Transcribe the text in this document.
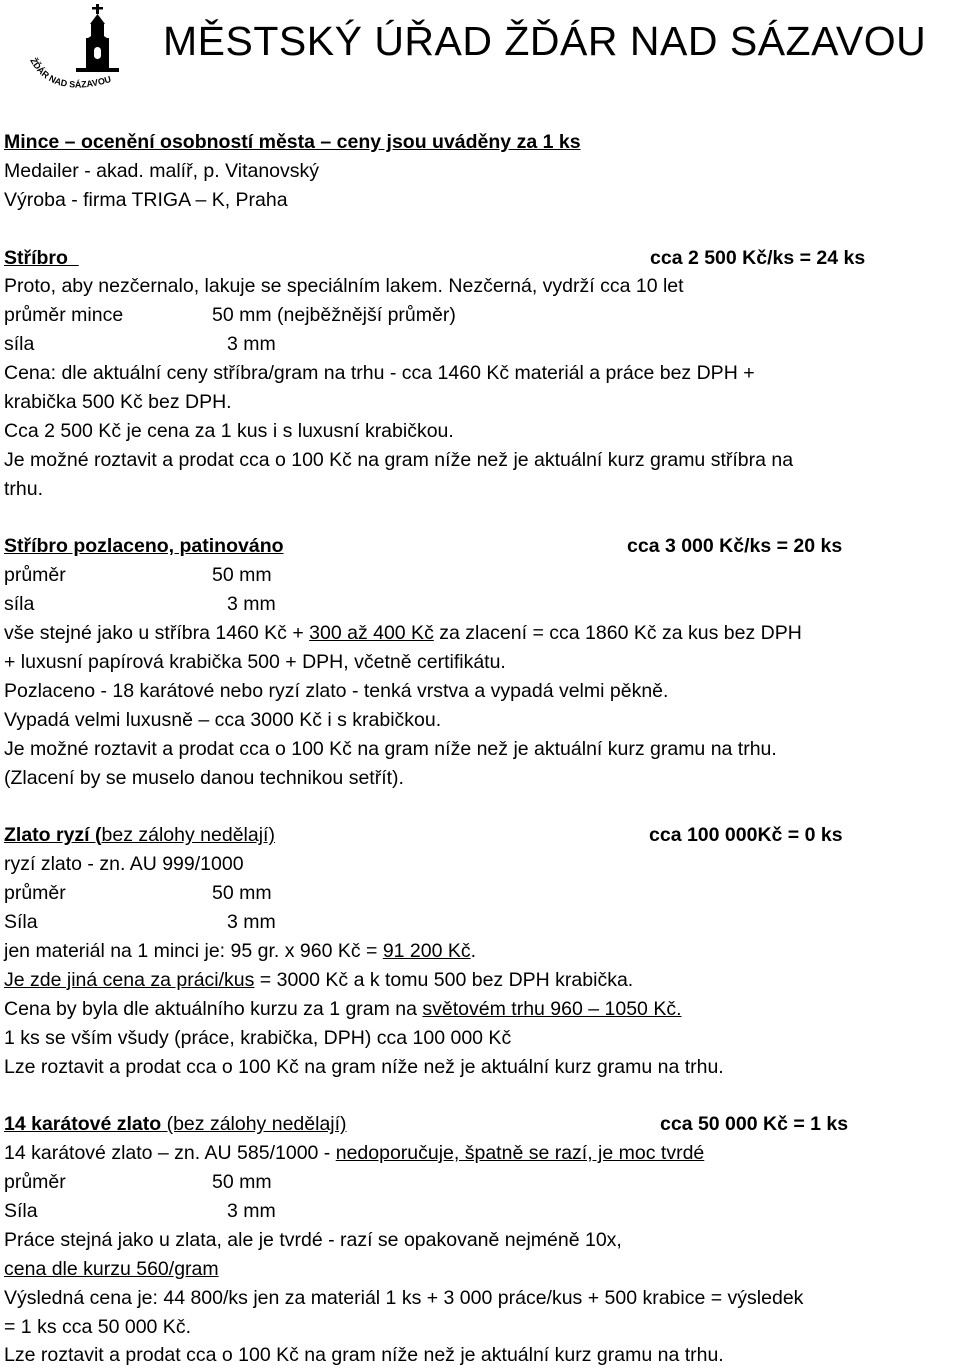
ŽĎÁR NAD SÁZAVOU
MĚSTSKÝ ÚŘAD ŽĎÁR NAD SÁZAVOU
Mince – ocenění osobností města – ceny jsou uváděny za 1 ks
Medailer - akad. malíř, p. Vitanovský
Výroba - firma TRIGA – K, Praha
Stříbro	cca 2 500 Kč/ks = 24 ks
Proto, aby nezčernalo, lakuje se speciálním lakem. Nezčerná, vydrží cca 10 let
průměr mince	50 mm (nejběžnější průměr)
síla	3 mm
Cena: dle aktuální ceny stříbra/gram na trhu - cca 1460 Kč materiál a práce bez DPH +
krabička 500 Kč bez DPH.
Cca 2 500 Kč je cena za 1 kus i s luxusní krabičkou.
Je možné roztavit a prodat cca o 100 Kč na gram níže než je aktuální kurz gramu stříbra na
trhu.
Stříbro pozlaceno, patinováno	cca 3 000 Kč/ks = 20 ks
průměr	50 mm
síla	3 mm
vše stejné jako u stříbra 1460 Kč + 300 až 400 Kč za zlacení = cca 1860 Kč za kus bez DPH
+ luxusní papírová krabička 500 + DPH, včetně certifikátu.
Pozlaceno - 18 karátové nebo ryzí zlato - tenká vrstva a vypadá velmi pěkně.
Vypadá velmi luxusně – cca 3000 Kč i s krabičkou.
Je možné roztavit a prodat cca o 100 Kč na gram níže než je aktuální kurz gramu na trhu.
(Zlacení by se muselo danou technikou setřít).
Zlato ryzí (bez zálohy nedělají)	cca 100 000Kč = 0 ks
ryzí zlato - zn. AU 999/1000
průměr	50 mm
Síla	3 mm
jen materiál na 1 minci je: 95 gr. x 960 Kč = 91 200 Kč.
Je zde jiná cena za práci/kus = 3000 Kč a k tomu 500 bez DPH krabička.
Cena by byla dle aktuálního kurzu za 1 gram na světovém trhu 960 – 1050 Kč.
1 ks se vším všudy (práce, krabička, DPH) cca 100 000 Kč
Lze roztavit a prodat cca o 100 Kč na gram níže než je aktuální kurz gramu na trhu.
14 karátové zlato (bez zálohy nedělají)	cca 50 000 Kč = 1 ks
14 karátové zlato – zn. AU 585/1000 - nedoporučuje, špatně se razí, je moc tvrdé
průměr	50 mm
Síla	3 mm
Práce stejná jako u zlata, ale je tvrdé - razí se opakovaně nejméně 10x,
cena dle kurzu 560/gram
Výsledná cena je: 44 800/ks jen za materiál 1 ks + 3 000 práce/kus + 500 krabice = výsledek
= 1 ks cca 50 000 Kč.
Lze roztavit a prodat cca o 100 Kč na gram níže než je aktuální kurz gramu na trhu.
